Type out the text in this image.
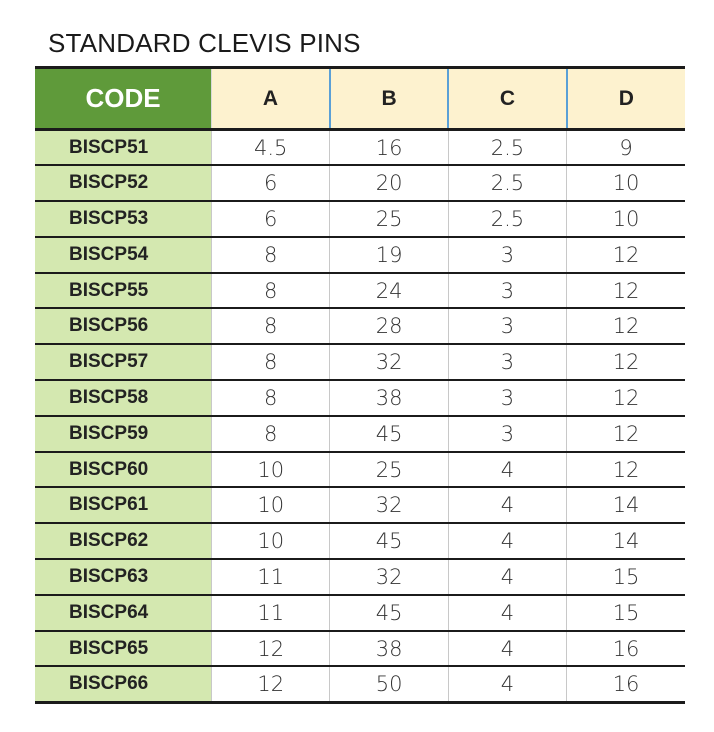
STANDARD CLEVIS PINS
CODE	A	B	C	D
BISCP51	4.5	16	2.5	9
BISCP52	6	20	2.5	10
BISCP53	6	25	2.5	10
BISCP54	8	19	3	12
BISCP55	8	24	3	12
BISCP56	8	28	3	12
BISCP57	8	32	3	12
BISCP58	8	38	3	12
BISCP59	8	45	3	12
BISCP60	10	25	4	12
BISCP61	10	32	4	14
BISCP62	10	45	4	14
BISCP63	11	32	4	15
BISCP64	11	45	4	15
BISCP65	12	38	4	16
BISCP66	12	50	4	16
